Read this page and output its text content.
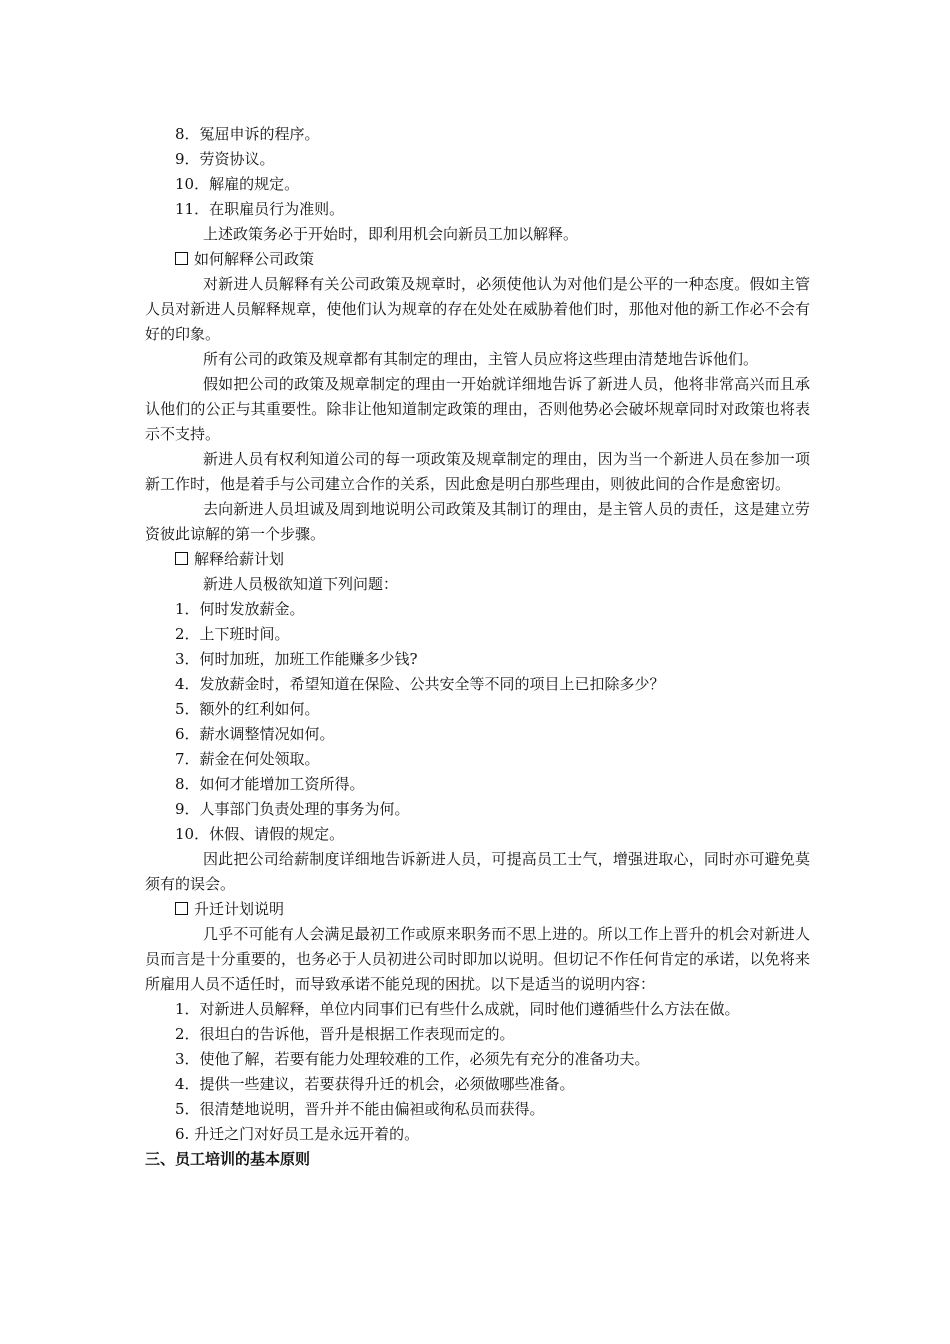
8．冤屈申诉的程序。
9．劳资协议。
10．解雇的规定。
11．在职雇员行为准则。
上述政策务必于开始时，即利用机会向新员工加以解释。
如何解释公司政策
对新进人员解释有关公司政策及规章时，必须使他认为对他们是公平的一种态度。假如主管人员对新进人员解释规章，使他们认为规章的存在处处在威胁着他们时，那他对他的新工作必不会有好的印象。
所有公司的政策及规章都有其制定的理由，主管人员应将这些理由清楚地告诉他们。
假如把公司的政策及规章制定的理由一开始就详细地告诉了新进人员，他将非常高兴而且承认他们的公正与其重要性。除非让他知道制定政策的理由，否则他势必会破坏规章同时对政策也将表示不支持。
新进人员有权利知道公司的每一项政策及规章制定的理由，因为当一个新进人员在参加一项新工作时，他是着手与公司建立合作的关系，因此愈是明白那些理由，则彼此间的合作是愈密切。
去向新进人员坦诚及周到地说明公司政策及其制订的理由，是主管人员的责任，这是建立劳资彼此谅解的第一个步骤。
解释给薪计划
新进人员极欲知道下列问题：
1．何时发放薪金。
2．上下班时间。
3．何时加班，加班工作能赚多少钱?
4．发放薪金时，希望知道在保险、公共安全等不同的项目上已扣除多少？
5．额外的红利如何。
6．薪水调整情况如何。
7．薪金在何处领取。
8．如何才能增加工资所得。
9．人事部门负责处理的事务为何。
10．休假、请假的规定。
因此把公司给薪制度详细地告诉新进人员，可提高员工士气，增强进取心，同时亦可避免莫须有的误会。
升迁计划说明
几乎不可能有人会满足最初工作或原来职务而不思上进的。所以工作上晋升的机会对新进人员而言是十分重要的，也务必于人员初进公司时即加以说明。但切记不作任何肯定的承诺，以免将来所雇用人员不适任时，而导致承诺不能兑现的困扰。以下是适当的说明内容：
1．对新进人员解释，单位内同事们已有些什么成就，同时他们遵循些什么方法在做。
2．很坦白的告诉他，晋升是根据工作表现而定的。
3．使他了解，若要有能力处理较难的工作，必须先有充分的准备功夫。
4．提供一些建议，若要获得升迁的机会，必须做哪些准备。
5．很清楚地说明，晋升并不能由偏袒或徇私员而获得。
6. 升迁之门对好员工是永远开着的。
三、员工培训的基本原则
